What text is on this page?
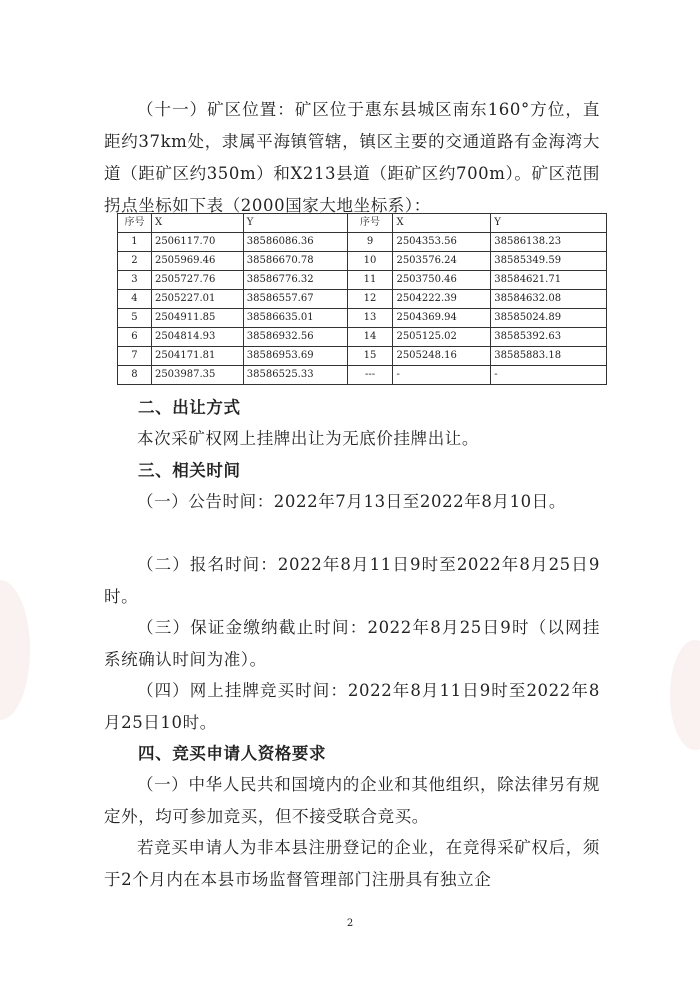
（十一）矿区位置：矿区位于惠东县城区南东160°方位，直距约37km处，隶属平海镇管辖，镇区主要的交通道路有金海湾大道（距矿区约350m）和X213县道（距矿区约700m）。矿区范围拐点坐标如下表（2000国家大地坐标系）：

序号	X	Y	序号	X	Y
1	2506117.70	38586086.36	9	2504353.56	38586138.23
2	2505969.46	38586670.78	10	2503576.24	38585349.59
3	2505727.76	38586776.32	11	2503750.46	38584621.71
4	2505227.01	38586557.67	12	2504222.39	38584632.08
5	2504911.85	38586635.01	13	2504369.94	38585024.89
6	2504814.93	38586932.56	14	2505125.02	38585392.63
7	2504171.81	38586953.69	15	2505248.16	38585883.18
8	2503987.35	38586525.33	---	-	-
二、出让方式

本次采矿权网上挂牌出让为无底价挂牌出让。

三、相关时间

（一）公告时间：2022年7月13日至2022年8月10日。

（二）报名时间：2022年8月11日9时至2022年8月25日9时。

（三）保证金缴纳截止时间：2022年8月25日9时（以网挂系统确认时间为准）。

（四）网上挂牌竞买时间：2022年8月11日9时至2022年8月25日10时。

四、竞买申请人资格要求

（一）中华人民共和国境内的企业和其他组织，除法律另有规定外，均可参加竞买，但不接受联合竞买。

若竞买申请人为非本县注册登记的企业，在竞得采矿权后，须于2个月内在本县市场监督管理部门注册具有独立企

2
